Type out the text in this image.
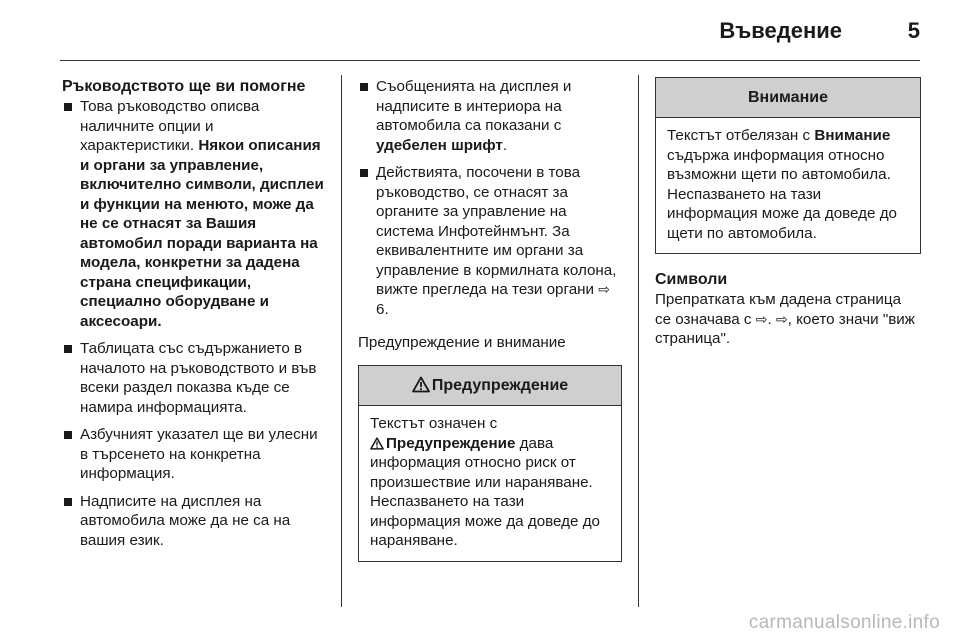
Въведение	5
Ръководството ще ви помогне
Това ръководство описва наличните опции и характеристики. Някои описания и органи за управление, включително символи, дисплеи и функции на менюто, може да не се отнасят за Вашия автомобил поради варианта на модела, конкретни за дадена страна спецификации, специално оборудване и аксесоари.
Таблицата със съдържанието в началото на ръководството и във всеки раздел показва къде се намира информацията.
Азбучният указател ще ви улесни в търсенето на конкретна информация.
Надписите на дисплея на автомобила може да не са на вашия език.
Съобщенията на дисплея и надписите в интериора на автомобила са показани с удебелен шрифт.
Действията, посочени в това ръководство, се отнасят за органите за управление на система Инфотейнмънт. За еквивалентните им органи за управление в кормилната колона, вижте прегледа на тези органи ⇨ 6.
Предупреждение и внимание
Предупреждение
Текстът означен с
Предупреждение дава информация относно риск от произшествие или нараняване. Неспазването на тази информация може да доведе до нараняване.
Внимание
Текстът отбелязан с Внимание съдържа информация относно възможни щети по автомобила. Неспазването на тази информация може да доведе до щети по автомобила.
Символи
Препратката към дадена страница се означава с ⇨. ⇨, което значи "виж страница".
carmanualsonline.info
